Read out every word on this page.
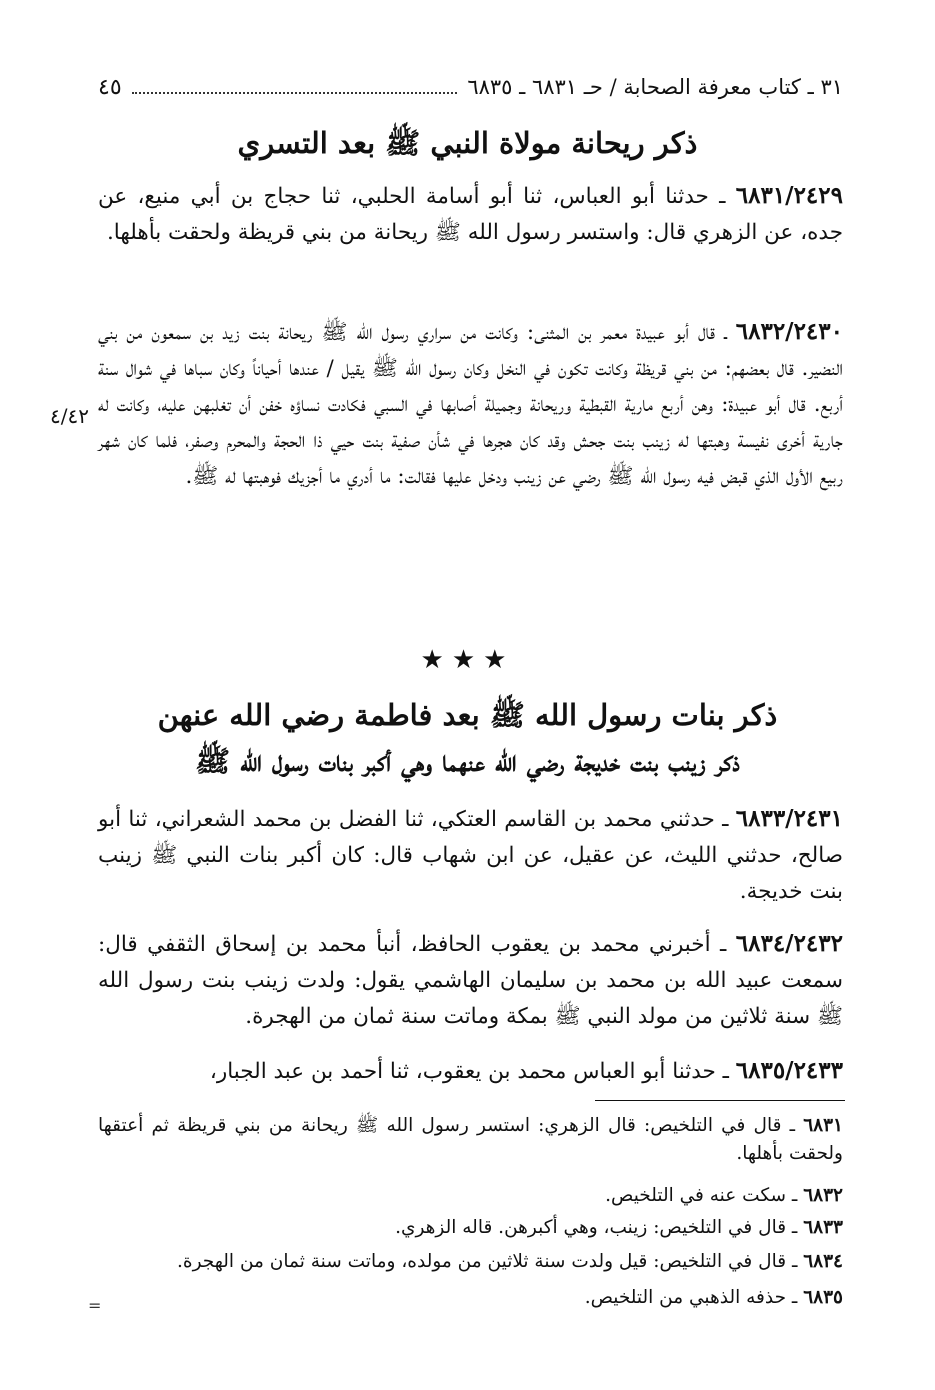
٣١ ـ كتاب معرفة الصحابة / حـ ٦٨٣١ ـ ٦٨٣٥
٤٥
ذكر ريحانة مولاة النبي ﷺ بعد التسري
٦٨٣١/٢٤٢٩ ـ حدثنا أبو العباس، ثنا أبو أسامة الحلبي، ثنا حجاج بن أبي منيع، عن جده، عن الزهري قال: واستسر رسول الله ﷺ ريحانة من بني قريظة ولحقت بأهلها.
٦٨٣٢/٢٤٣٠ ـ قال أبو عبيدة معمر بن المثنى: وكانت من سراري رسول الله ﷺ ريحانة بنت زيد بن سمعون من بني النضير. قال بعضهم: من بني قريظة وكانت تكون في النخل وكان رسول الله ﷺ يقيل / عندها أحياناً وكان سباها في شوال سنة أربع. قال أبو عبيدة: وهن أربع مارية القبطية وريحانة وجميلة أصابها في السبي فكادت نساؤه خفن أن تغلبهن عليه، وكانت له جارية أخرى نفيسة وهبتها له زينب بنت جحش وقد كان هجرها في شأن صفية بنت حيي ذا الحجة والمحرم وصفر، فلما كان شهر ربيع الأول الذي قبض فيه رسول الله ﷺ رضي عن زينب ودخل عليها فقالت: ما أدري ما أجزيك فوهبتها له ﷺ.
٤/٤٢
★★★
ذكر بنات رسول الله ﷺ بعد فاطمة رضي الله عنهن
ذكر زينب بنت خديجة رضي الله عنهما وهي أكبر بنات رسول الله ﷺ
٦٨٣٣/٢٤٣١ ـ حدثني محمد بن القاسم العتكي، ثنا الفضل بن محمد الشعراني، ثنا أبو صالح، حدثني الليث، عن عقيل، عن ابن شهاب قال: كان أكبر بنات النبي ﷺ زينب بنت خديجة.
٦٨٣٤/٢٤٣٢ ـ أخبرني محمد بن يعقوب الحافظ، أنبأ محمد بن إسحاق الثقفي قال: سمعت عبيد الله بن محمد بن سليمان الهاشمي يقول: ولدت زينب بنت رسول الله ﷺ سنة ثلاثين من مولد النبي ﷺ بمكة وماتت سنة ثمان من الهجرة.
٦٨٣٥/٢٤٣٣ ـ حدثنا أبو العباس محمد بن يعقوب، ثنا أحمد بن عبد الجبار،
٦٨٣١ ـ قال في التلخيص: قال الزهري: استسر رسول الله ﷺ ريحانة من بني قريظة ثم أعتقها ولحقت بأهلها.
٦٨٣٢ ـ سكت عنه في التلخيص.
٦٨٣٣ ـ قال في التلخيص: زينب، وهي أكبرهن. قاله الزهري.
٦٨٣٤ ـ قال في التلخيص: قيل ولدت سنة ثلاثين من مولده، وماتت سنة ثمان من الهجرة.
٦٨٣٥ ـ حذفه الذهبي من التلخيص.
=
